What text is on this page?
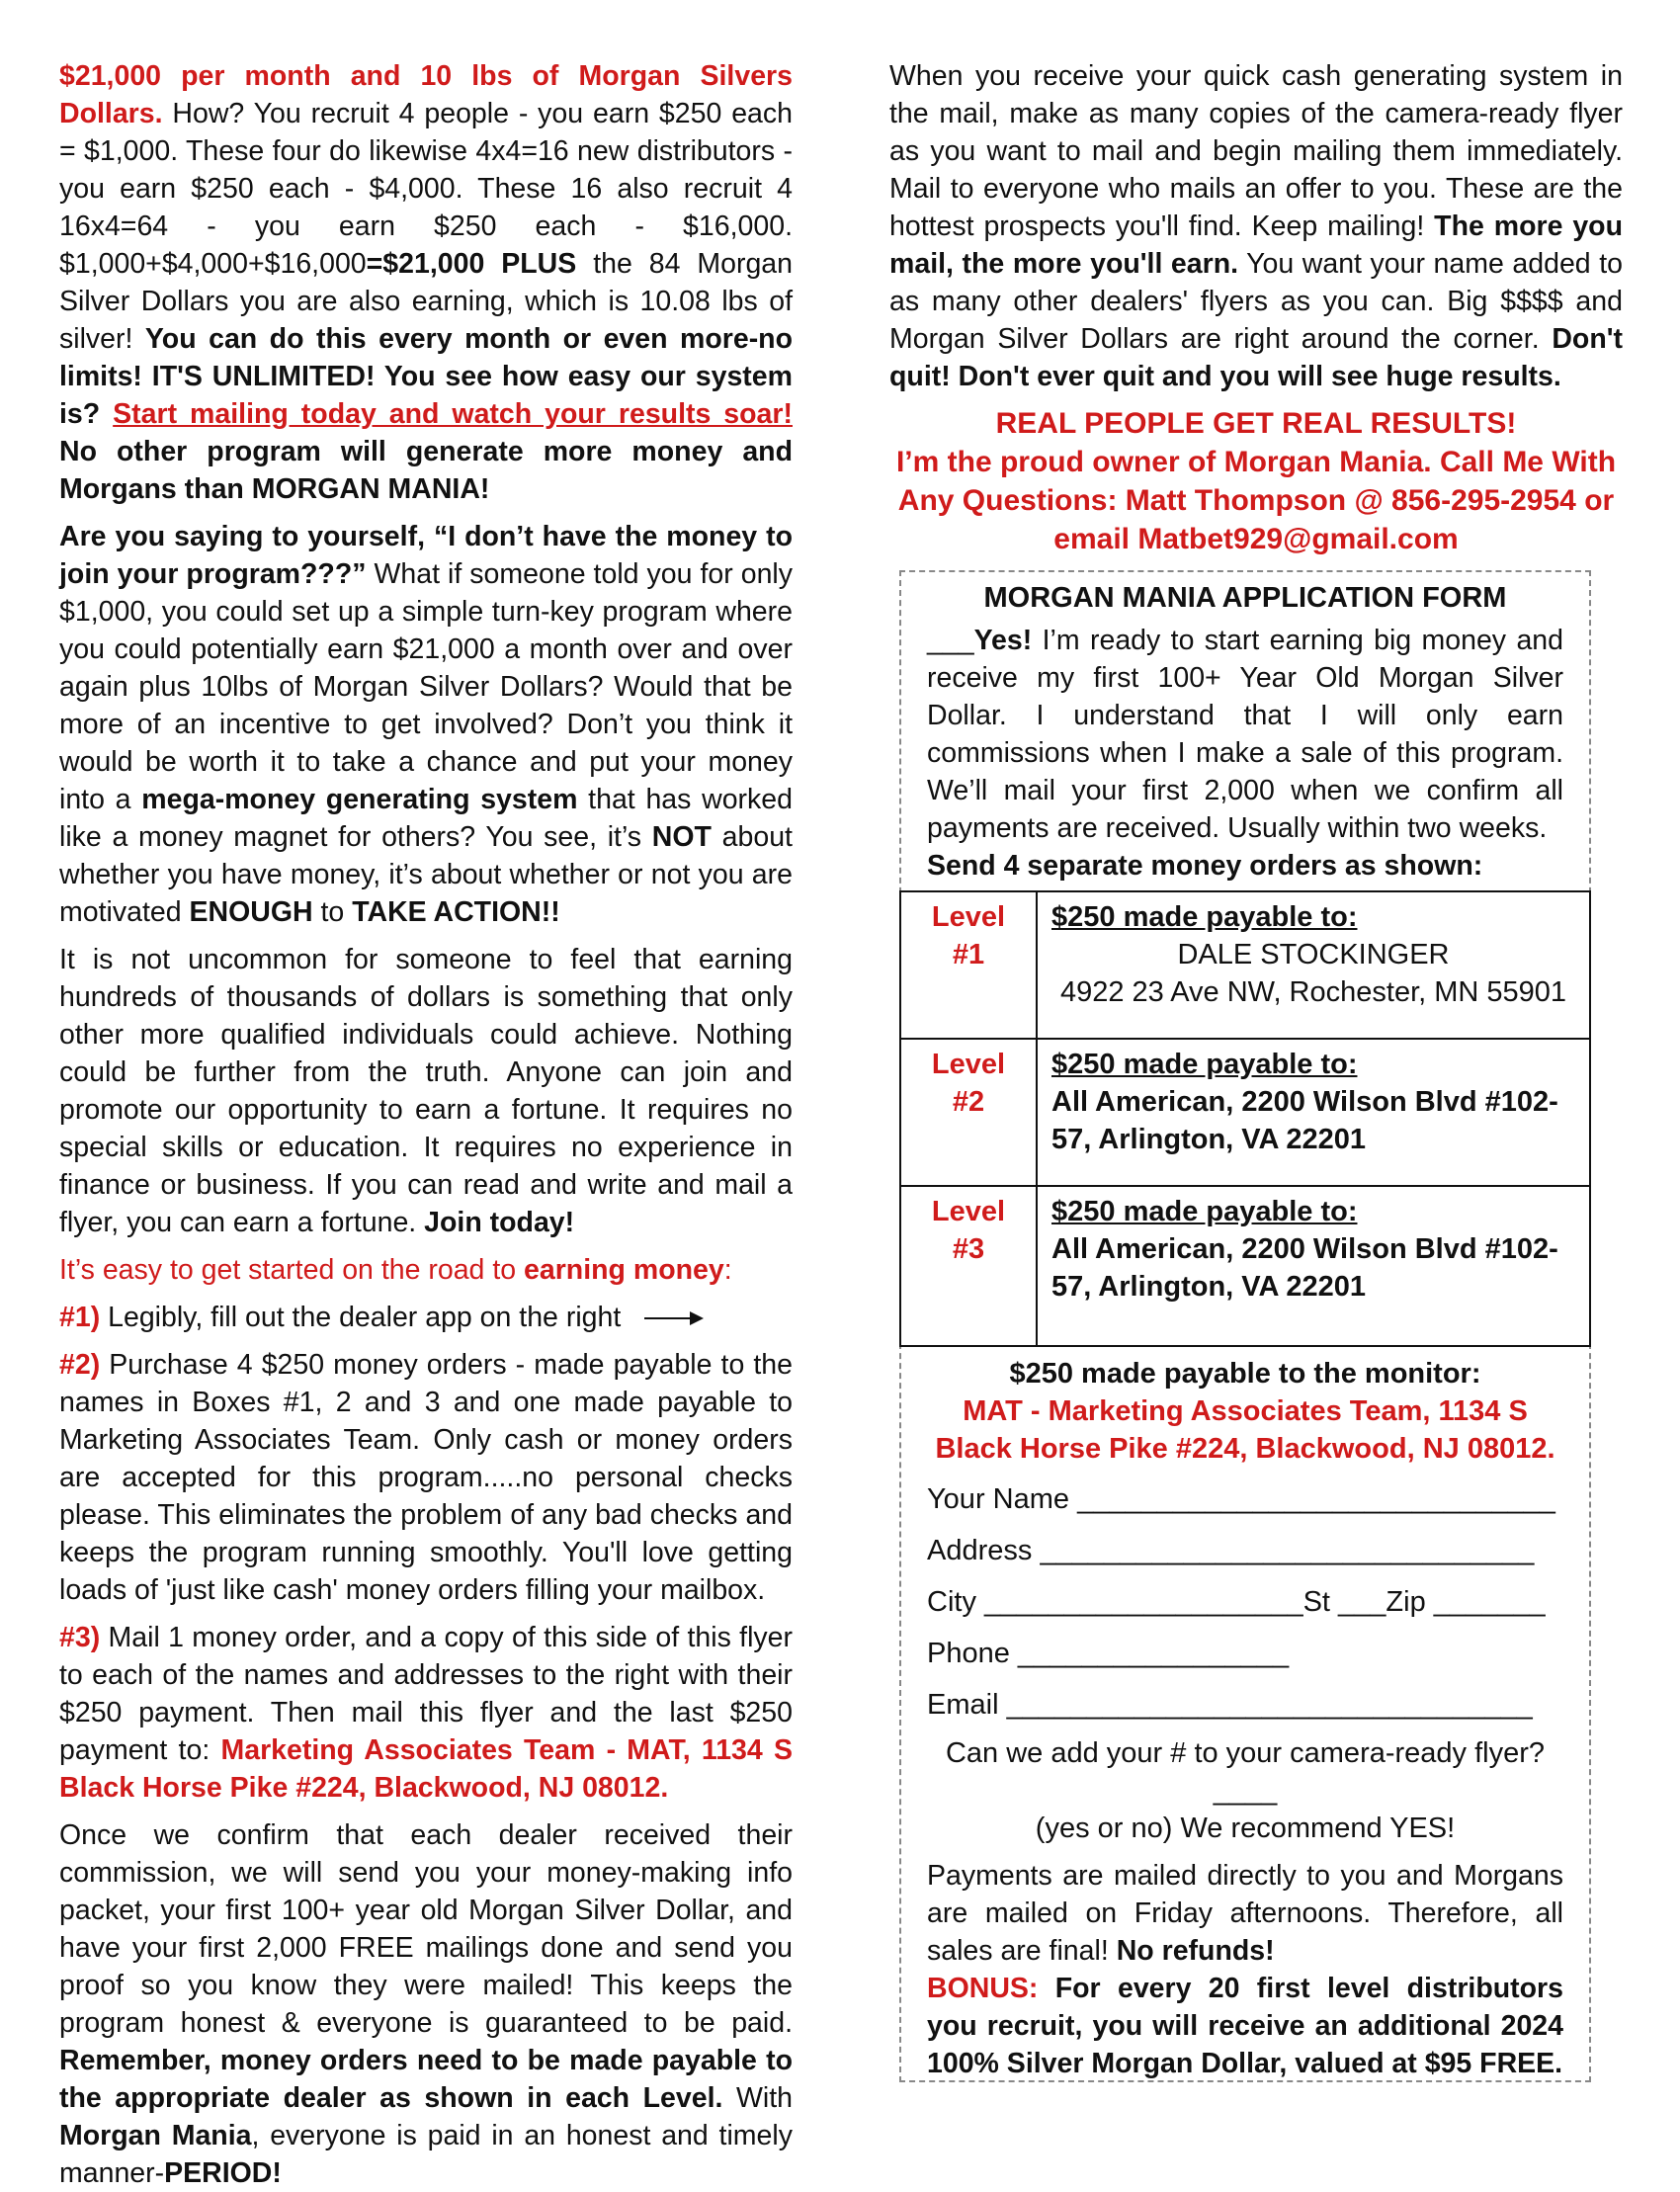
$21,000 per month and 10 lbs of Morgan Silvers Dollars. How? You recruit 4 people - you earn $250 each = $1,000. These four do likewise 4x4=16 new distributors - you earn $250 each - $4,000. These 16 also recruit 4 16x4=64 - you earn $250 each - $16,000. $1,000+$4,000+$16,000=$21,000 PLUS the 84 Morgan Silver Dollars you are also earning, which is 10.08 lbs of silver! You can do this every month or even more-no limits! IT'S UNLIMITED! You see how easy our system is? Start mailing today and watch your results soar! No other program will generate more money and Morgans than MORGAN MANIA!

Are you saying to yourself, “I don’t have the money to join your program???” What if someone told you for only $1,000, you could set up a simple turn-key program where you could potentially earn $21,000 a month over and over again plus 10lbs of Morgan Silver Dollars? Would that be more of an incentive to get involved? Don’t you think it would be worth it to take a chance and put your money into a mega-money generating system that has worked like a money magnet for others? You see, it’s NOT about whether you have money, it’s about whether or not you are motivated ENOUGH to TAKE ACTION!!

It is not uncommon for someone to feel that earning hundreds of thousands of dollars is something that only other more qualified individuals could achieve. Nothing could be further from the truth. Anyone can join and promote our opportunity to earn a fortune. It requires no special skills or education. It requires no experience in finance or business. If you can read and write and mail a flyer, you can earn a fortune. Join today!

It’s easy to get started on the road to earning money:

#1) Legibly, fill out the dealer app on the right

#2) Purchase 4 $250 money orders - made payable to the names in Boxes #1, 2 and 3 and one made payable to Marketing Associates Team. Only cash or money orders are accepted for this program.....no personal checks please. This eliminates the problem of any bad checks and keeps the program running smoothly. You'll love getting loads of 'just like cash' money orders filling your mailbox.

#3) Mail 1 money order, and a copy of this side of this flyer to each of the names and addresses to the right with their $250 payment. Then mail this flyer and the last $250 payment to: Marketing Associates Team - MAT, 1134 S Black Horse Pike #224, Blackwood, NJ 08012.

Once we confirm that each dealer received their commission, we will send you your money-making info packet, your first 100+ year old Morgan Silver Dollar, and have your first 2,000 FREE mailings done and send you proof so you know they were mailed! This keeps the program honest & everyone is guaranteed to be paid. Remember, money orders need to be made payable to the appropriate dealer as shown in each Level. With Morgan Mania, everyone is paid in an honest and timely manner-PERIOD!

When you receive your quick cash generating system in the mail, make as many copies of the camera-ready flyer as you want to mail and begin mailing them immediately. Mail to everyone who mails an offer to you. These are the hottest prospects you'll find. Keep mailing! The more you mail, the more you'll earn. You want your name added to as many other dealers' flyers as you can. Big $$$$ and Morgan Silver Dollars are right around the corner. Don't quit! Don't ever quit and you will see huge results.

REAL PEOPLE GET REAL RESULTS!
I’m the proud owner of Morgan Mania. Call Me With Any Questions: Matt Thompson @ 856-295-2954 or email Matbet929@gmail.com
MORGAN MANIA APPLICATION FORM

___Yes! I’m ready to start earning big money and receive my first 100+ Year Old Morgan Silver Dollar. I understand that I will only earn commissions when I make a sale of this program. We’ll mail your first 2,000 when we confirm all payments are received. Usually within two weeks.

Send 4 separate money orders as shown:

Level
#1
$250 made payable to:
DALE STOCKINGER
4922 23 Ave NW, Rochester, MN 55901
Level
#2
$250 made payable to:
All American, 2200 Wilson Blvd #102-57, Arlington, VA 22201
Level
#3
$250 made payable to:
All American, 2200 Wilson Blvd #102-57, Arlington, VA 22201
$250 made payable to the monitor:
MAT - Marketing Associates Team, 1134 S Black Horse Pike #224, Blackwood, NJ 08012.
Your Name ______________________________
Address _______________________________
City ____________________St ___Zip _______
Phone _________________
Email _________________________________
Can we add your # to your camera-ready flyer? ____
(yes or no) We recommend YES!

Payments are mailed directly to you and Morgans are mailed on Friday afternoons. Therefore, all sales are final! No refunds!

BONUS: For every 20 first level distributors you recruit, you will receive an additional 2024 100% Silver Morgan Dollar, valued at $95 FREE.
